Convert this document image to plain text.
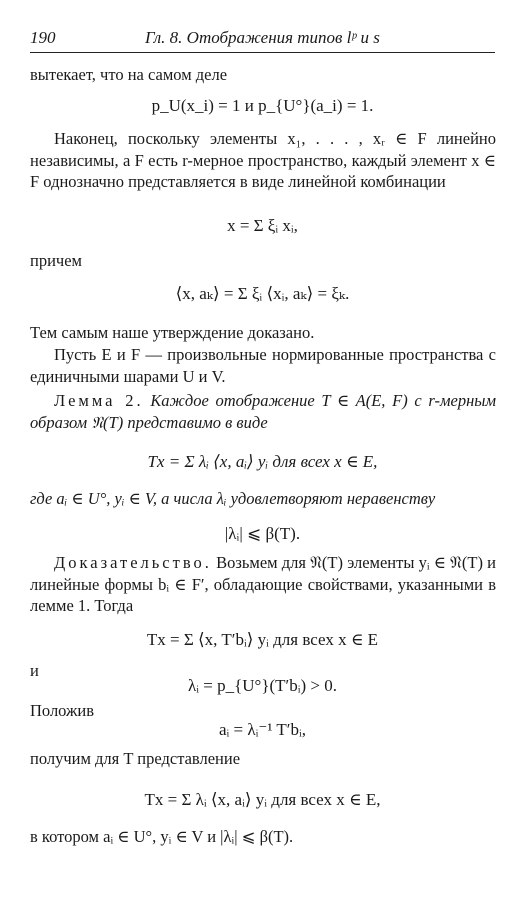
190	Гл. 8. Отображения типов lᵖ и s
вытекает, что на самом деле
p_U(x_i) = 1 и p_{U°}(a_i) = 1.
Наконец, поскольку элементы x₁, . . . , xᵣ ∈ F линейно независимы, а F есть r-мерное пространство, каждый элемент x ∈ F однозначно представляется в виде линейной комбинации
x = Σ ξᵢ xᵢ,
причем
⟨x, aₖ⟩ = Σ ξᵢ ⟨xᵢ, aₖ⟩ = ξₖ.
Тем самым наше утверждение доказано.
Пусть E и F — произвольные нормированные пространства с единичными шарами U и V.
Лемма 2. Каждое отображение T ∈ A(E, F) с r-мерным образом 𝔑(T) представимо в виде
Tx = Σ λᵢ ⟨x, aᵢ⟩ yᵢ для всех x ∈ E,
где aᵢ ∈ U°, yᵢ ∈ V, а числа λᵢ удовлетворяют неравенству
|λᵢ| ⩽ β(T).
Доказательство. Возьмем для 𝔑(T) элементы yᵢ ∈ 𝔑(T) и линейные формы bᵢ ∈ F′, обладающие свойствами, указанными в лемме 1. Тогда
Tx = Σ ⟨x, T′bᵢ⟩ yᵢ для всех x ∈ E
и
λᵢ = p_{U°}(T′bᵢ) > 0.
Положив
aᵢ = λᵢ⁻¹ T′bᵢ,
получим для T представление
Tx = Σ λᵢ ⟨x, aᵢ⟩ yᵢ для всех x ∈ E,
в котором aᵢ ∈ U°, yᵢ ∈ V и |λᵢ| ⩽ β(T).
